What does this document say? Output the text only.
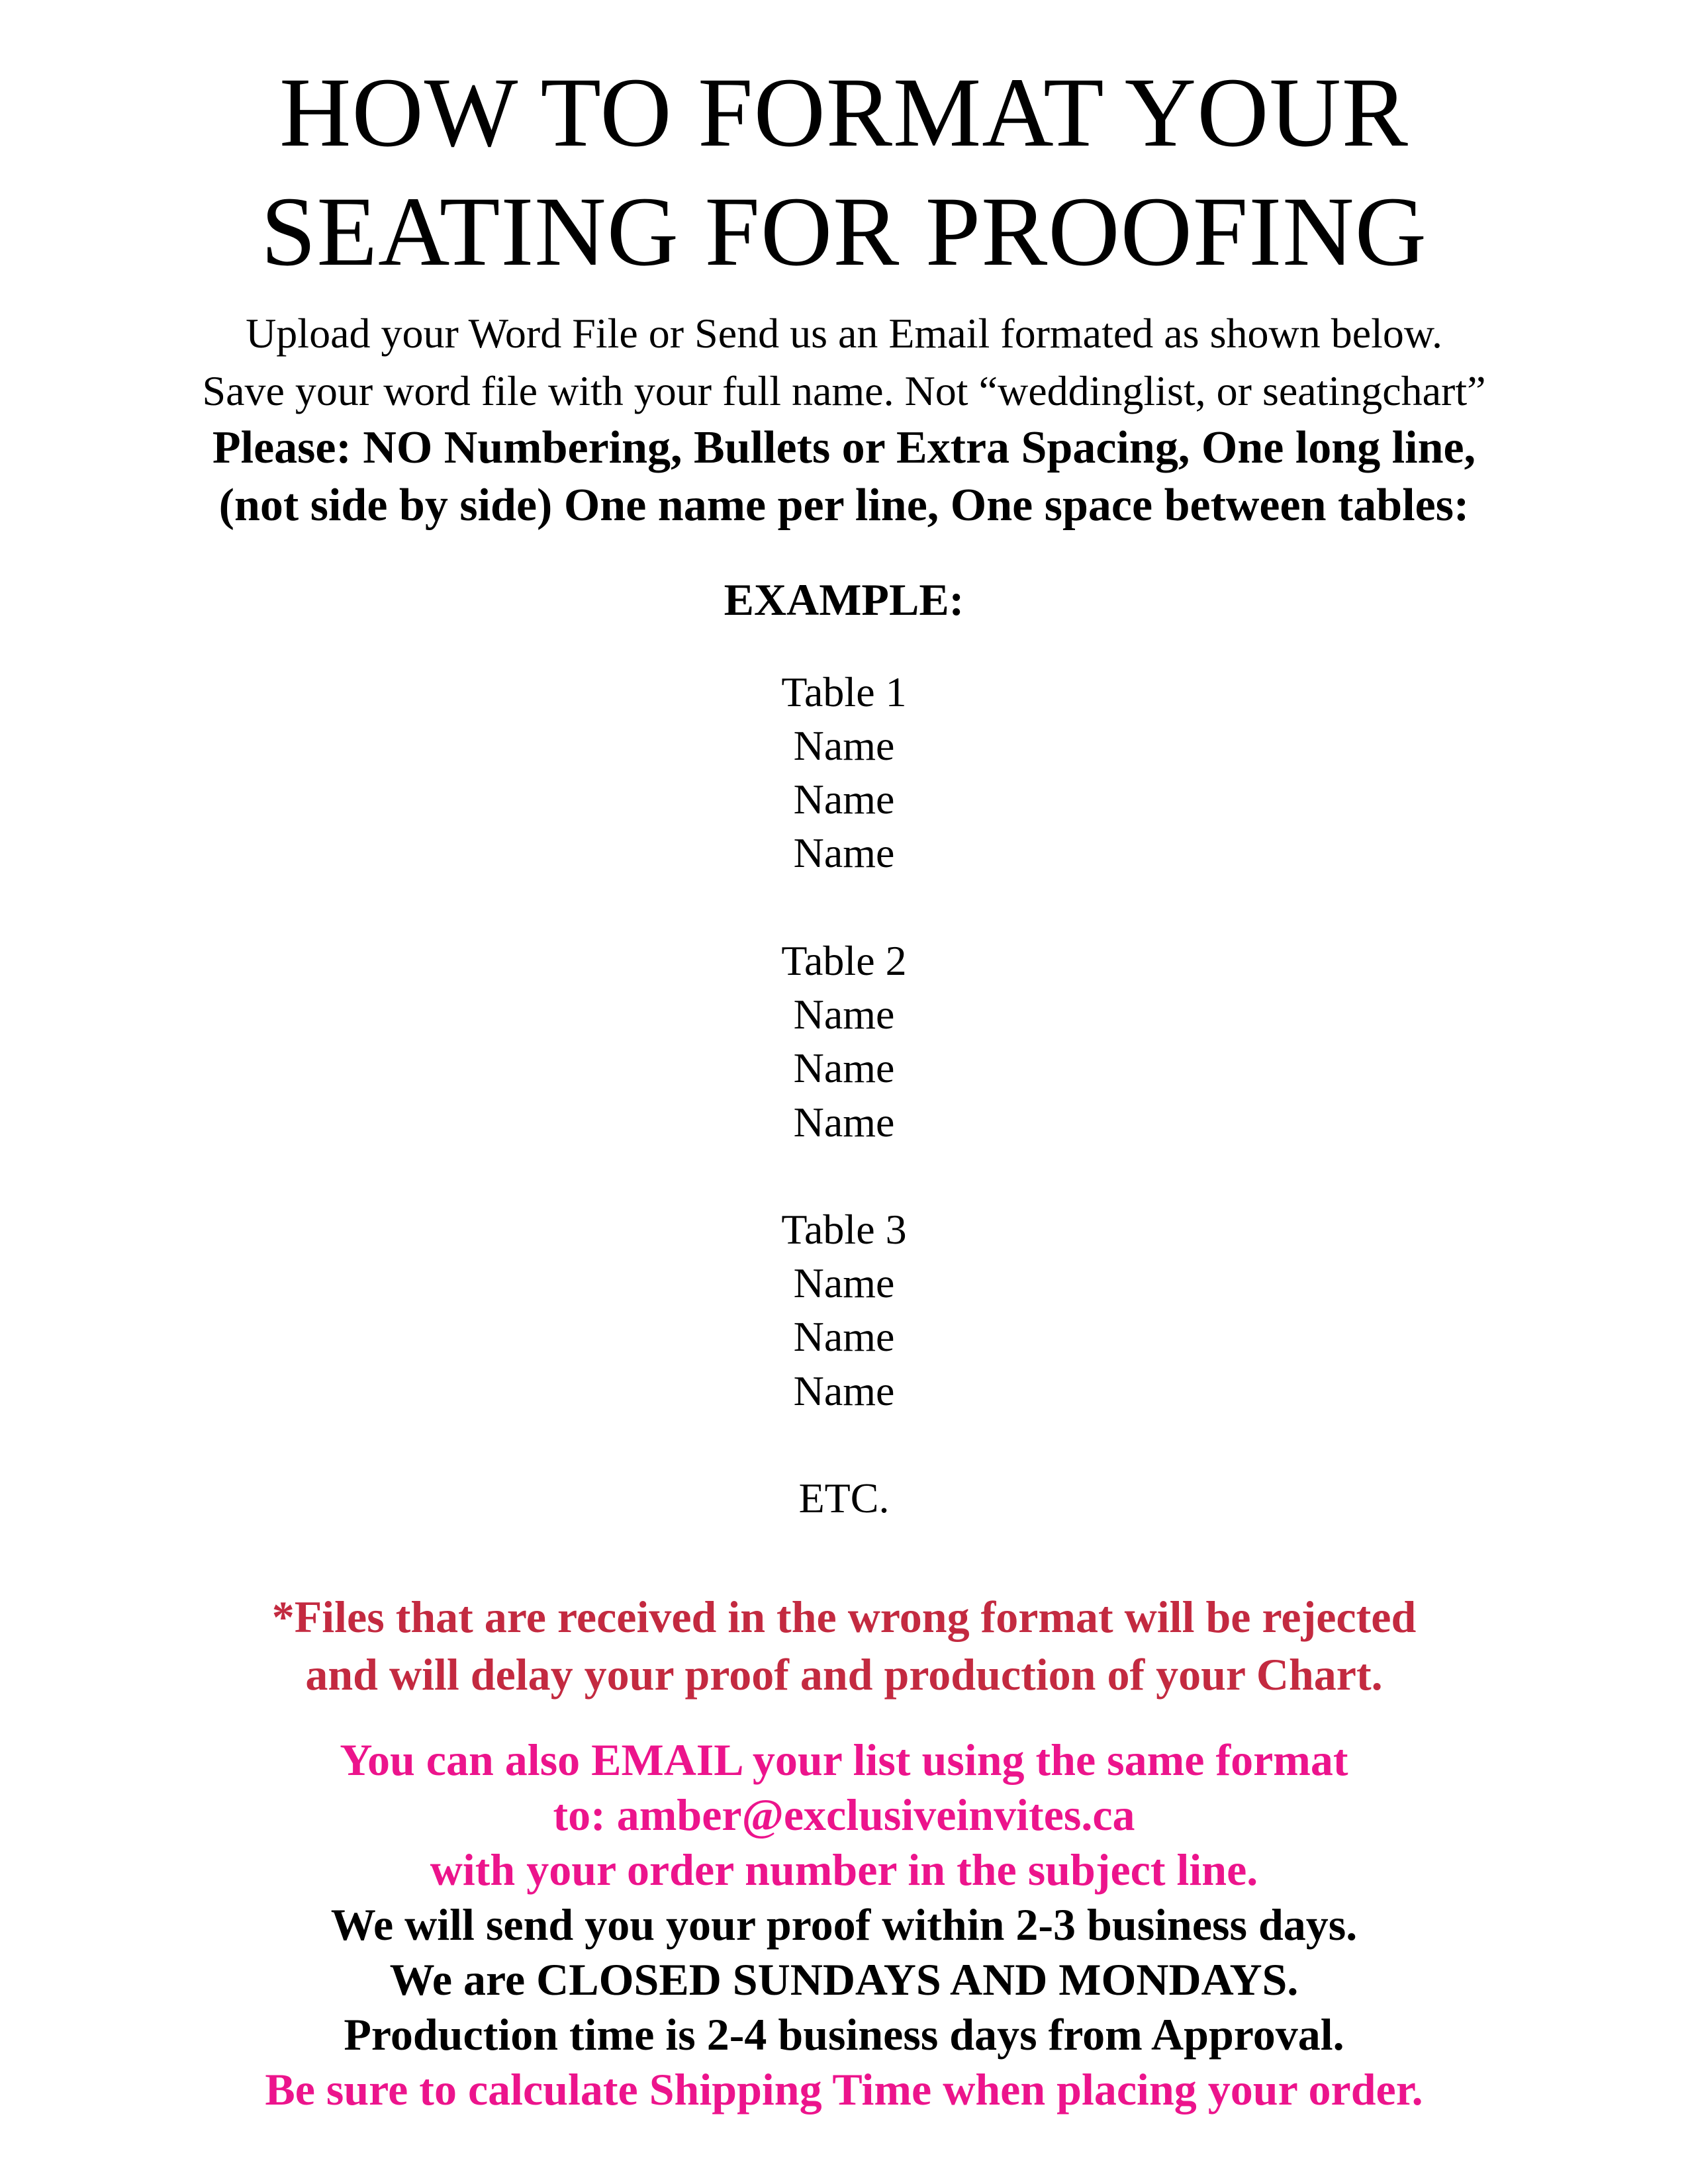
HOW TO FORMAT YOUR
SEATING FOR PROOFING
Upload your Word File or Send us an Email formated as shown below.
Save your word file with your full name. Not “weddinglist, or seatingchart”
Please: NO Numbering, Bullets or Extra Spacing, One long line,
(not side by side) One name per line, One space between tables:
EXAMPLE:
Table 1
Name
Name
Name
Table 2
Name
Name
Name
Table 3
Name
Name
Name
ETC.
*Files that are received in the wrong format will be rejected
and will delay your proof and production of your Chart.
You can also EMAIL your list using the same format
to: amber@exclusiveinvites.ca
with your order number in the subject line.
We will send you your proof within 2-3 business days.
We are CLOSED SUNDAYS AND MONDAYS.
Production time is 2-4 business days from Approval.
Be sure to calculate Shipping Time when placing your order.
